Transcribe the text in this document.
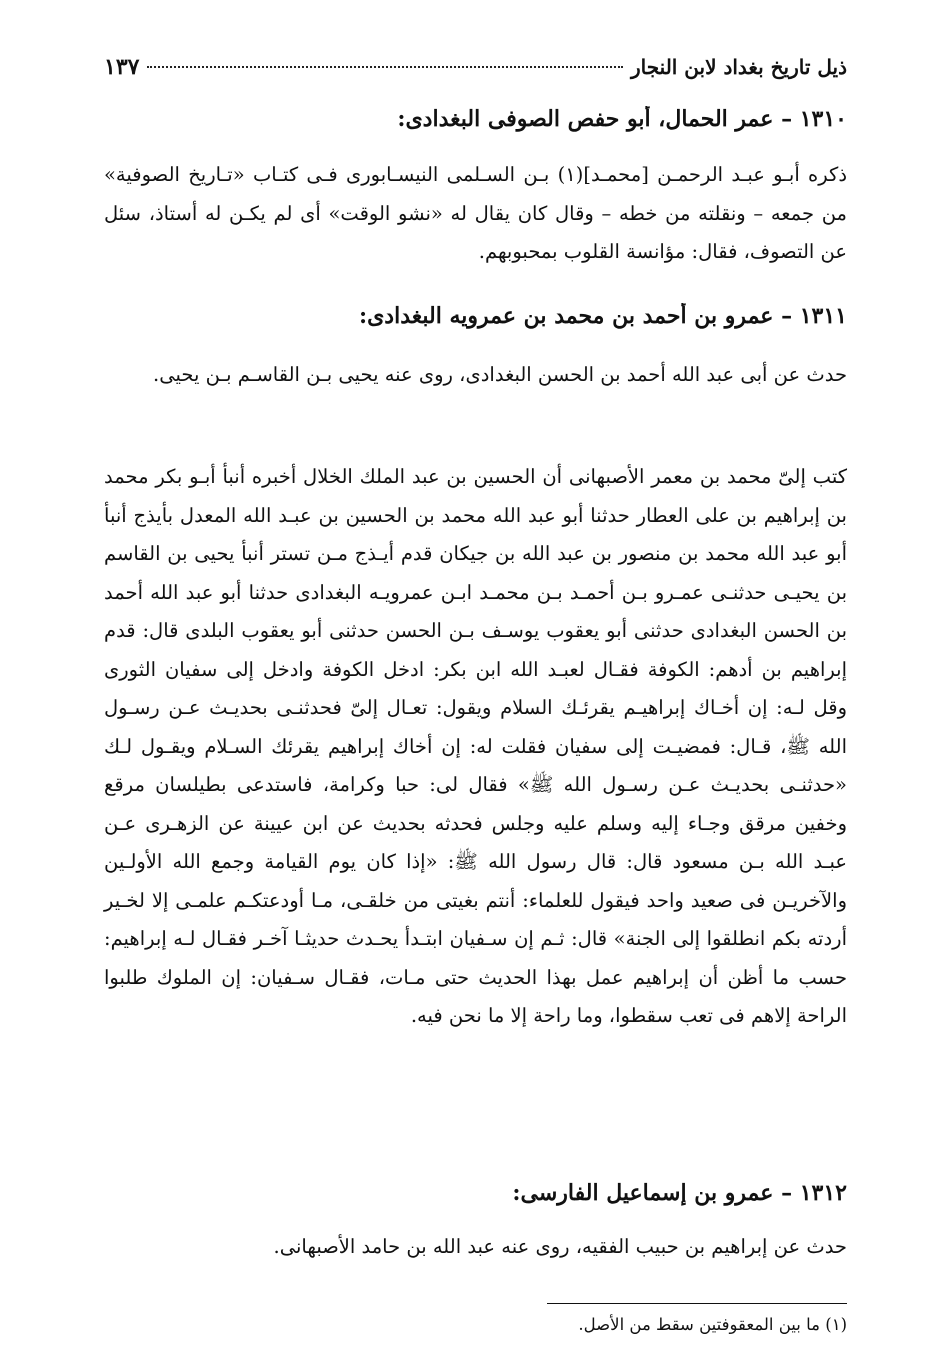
ذيل تاريخ بغداد لابن النجار
١٣٧
١٣١٠ – عمر الحمال، أبو حفص الصوفى البغدادى:

ذكره أبـو عبـد الرحمـن [محمـد](١) بـن السـلمى النيسـابورى فـى كتـاب «تـاريخ الصوفية» من جمعه – ونقلته من خطه – وقال كان يقال له «نشو الوقت» أى لم يكـن له أستاذ، سئل عن التصوف، فقال: مؤانسة القلوب بمحبوبهم.

١٣١١ – عمرو بن أحمد بن محمد بن عمرويه البغدادى:

حدث عن أبى عبد الله أحمد بن الحسن البغدادى، روى عنه يحيى بـن القاسـم بـن يحيى.

كتب إلىّ محمد بن معمر الأصبهانى أن الحسين بن عبد الملك الخلال أخبره أنبأ أبـو بكر محمد بن إبراهيم بن على العطار حدثنا أبو عبد الله محمد بن الحسين بن عبـد الله المعدل بأيذج أنبأ أبو عبد الله محمد بن منصور بن عبد الله بن جيكان قدم أيـذج مـن تستر أنبأ يحيى بن القاسم بن يحيـى حدثنـى عمـرو بـن أحمـد بـن محمـد ابـن عمرويـه البغدادى حدثنا أبو عبد الله أحمد بن الحسن البغدادى حدثنى أبو يعقوب يوسـف بـن الحسن حدثنى أبو يعقوب البلدى قال: قدم إبراهيم بن أدهم: الكوفة فقـال لعبـد الله ابن بكر: ادخل الكوفة وادخل إلى سفيان الثورى وقل لـه: إن أخـاك إبراهيـم يقرئـك السلام ويقول: تعـال إلىّ فحدثنـى بحديـث عـن رسـول الله ﷺ، قـال: فمضيـت إلى سفيان فقلت له: إن أخاك إبراهيم يقرئك السـلام ويقـول لـك «حدثنـى بحديـث عـن رسـول الله ﷺ» فقال لى: حبا وكرامة، فاستدعى بطيلسان مرقع وخفين مرقق وجـاء إليه وسلم عليه وجلس فحدثه بحديث عن ابن عيينة عن الزهـرى عـن عبـد الله بـن مسعود قال: قال رسول الله ﷺ: «إذا كان يوم القيامة وجمع الله الأولـين والآخريـن فى صعيد واحد فيقول للعلماء: أنتم بغيتى من خلقـى، مـا أودعتكـم علمـى إلا لخـير أردته بكم انطلقوا إلى الجنة» قال: ثـم إن سـفيان ابتـدأ يحـدث حديثـا آخـر فقـال لـه إبراهيم: حسب ما أظن أن إبراهيم عمل بهذا الحديث حتى مـات، فقـال سـفيان: إن الملوك طلبوا الراحة إلاهم فى تعب سقطوا، وما راحة إلا ما نحن فيه.

١٣١٢ – عمرو بن إسماعيل الفارسى:

حدث عن إبراهيم بن حبيب الفقيه، روى عنه عبد الله بن حامد الأصبهانى.

(١) ما بين المعقوفتين سقط من الأصل.
